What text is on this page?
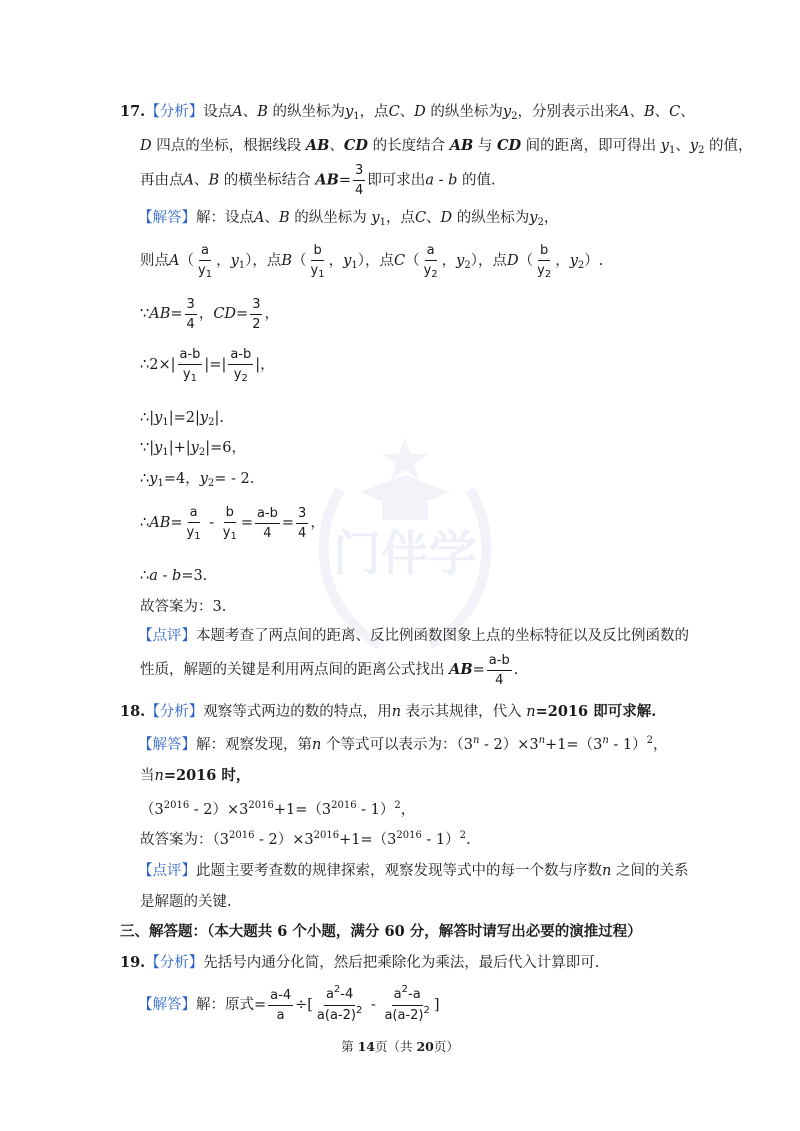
门伴学
17.【分析】设点A、B 的纵坐标为$y_1$，点C、D 的纵坐标为$y_2$，分别表示出来A、B、C、
D 四点的坐标，根据线段 AB、CD 的长度结合 AB 与 CD 间的距离，即可得出 $y_1$、$y_2$ 的值，
再由点A、B 的横坐标结合 $AB= \frac{3}{4}$ 即可求出a - b 的值.
【解答】解：设点A、B 的纵坐标为 $y_1$，点C、D 的纵坐标为$y_2$，
则点$A( \frac{a}{y_1}$ ，$y_1$），点$B( \frac{b}{y_1}$ ，$y_1$），点$C( \frac{a}{y_2}$ ，$y_2$），点$D( \frac{b}{y_2}$ ，$y_2$）.
∵AB= $\frac{3}{4}$ ，$CD= \frac{3}{2}$ ，
∴2×| $\frac{a-b}{y_1}$ |=| $\frac{a-b}{y_2}$ |，
$\therefore|y_1|=2|y_2|$.
$\because|y_1|+|y_2|=6$，
$\therefore y_1=4$，$y_2= - 2$.
∴AB= $\frac{a}{y_1} - \frac{b}{y_1} = \frac{a-b}{4} = \frac{3}{4}$ ，
∴a - b=3.
故答案为：3.
【点评】本题考查了两点间的距离、反比例函数图象上点的坐标特征以及反比例函数的
性质，解题的关键是利用两点间的距离公式找出 $AB= \frac{a-b}{4}$ .
18.【分析】观察等式两边的数的特点，用n 表示其规律，代入 n=2016 即可求解.
【解答】解：观察发现，第n 个等式可以表示为：$(3^n - 2)\times 3^n+1=(3^n - 1)^2$，
当n=2016 时，
$(3^{2016} - 2)\times 3^{2016}+1=(3^{2016} - 1)^2$，
故答案为：$(3^{2016} - 2)\times 3^{2016}+1=(3^{2016} - 1)^2$.
【点评】此题主要考查数的规律探索，观察发现等式中的每一个数与序数n 之间的关系
是解题的关键.
三、解答题：（本大题共 6 个小题，满分 60 分，解答时请写出必要的演推过程）
19.【分析】先括号内通分化简，然后把乘除化为乘法，最后代入计算即可.
【解答】解：原式= $\frac{a-4}{a}$ ÷[ $\frac{a^2-4}{a(a-2)^2} - \frac{a^2-a}{a(a-2)^2}$ ]
第 14页（共 20页）
